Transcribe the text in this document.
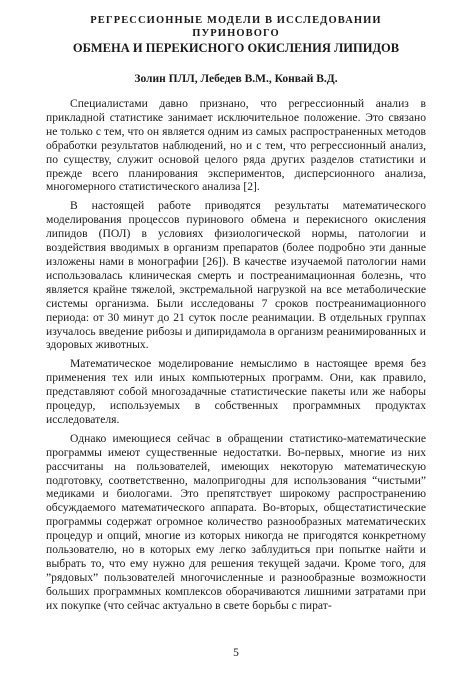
РЕГРЕССИОННЫЕ МОДЕЛИ В ИССЛЕДОВАНИИ ПУРИНОВОГО
ОБМЕНА И ПЕРЕКИСНОГО ОКИСЛЕНИЯ ЛИПИДОВ

Золин ПЛЛ, Лебедев В.М., Конвай В.Д.

Специалистами давно признано, что регрессионный анализ в прикладной статистике занимает исключительное положение. Это связано не только с тем, что он является одним из самых распространенных методов обработки результатов наблюдений, но и с тем, что регрессионный анализ, по существу, служит основой целого ряда других разделов статистики и прежде всего планирования экспериментов, дисперсионного анализа, многомерного статистического анализа [2].

В настоящей работе приводятся результаты математического моделирования процессов пуринового обмена и перекисного окисления липидов (ПОЛ) в условиях физиологической нормы, патологии и воздействия вводимых в организм препаратов (более подробно эти данные изложены нами в монографии [26]). В качестве изучаемой патологии нами использовалась клиническая смерть и постреанимационная болезнь, что является крайне тяжелой, экстремальной нагрузкой на все метаболические системы организма. Были исследованы 7 сроков постреанимационного периода: от 30 минут до 21 суток после реанимации. В отдельных группах изучалось введение рибозы и дипиридамола в организм реанимированных и здоровых животных.

Математическое моделирование немыслимо в настоящее время без применения тех или иных компьютерных программ. Они, как правило, представляют собой многозадачные статистические пакеты или же наборы процедур, используемых в собственных программных продуктах исследователя.

Однако имеющиеся сейчас в обращении статистико-математические программы имеют существенные недостатки. Во-первых, многие из них рассчитаны на пользователей, имеющих некоторую математическую подготовку, соответственно, малопригодны для использования “чистыми” медиками и биологами. Это препятствует широкому распространению обсуждаемого математического аппарата. Во-вторых, общестатистические программы содержат огромное количество разнообразных математических процедур и опций, многие из которых никогда не пригодятся конкретному пользователю, но в которых ему легко заблудиться при попытке найти и выбрать то, что ему нужно для решения текущей задачи. Кроме того, для ”рядовых” пользователей многочисленные и разнообразные возможности больших программных комплексов оборачиваются лишними затратами при их покупке (что сейчас актуально в свете борьбы с пират-

5
